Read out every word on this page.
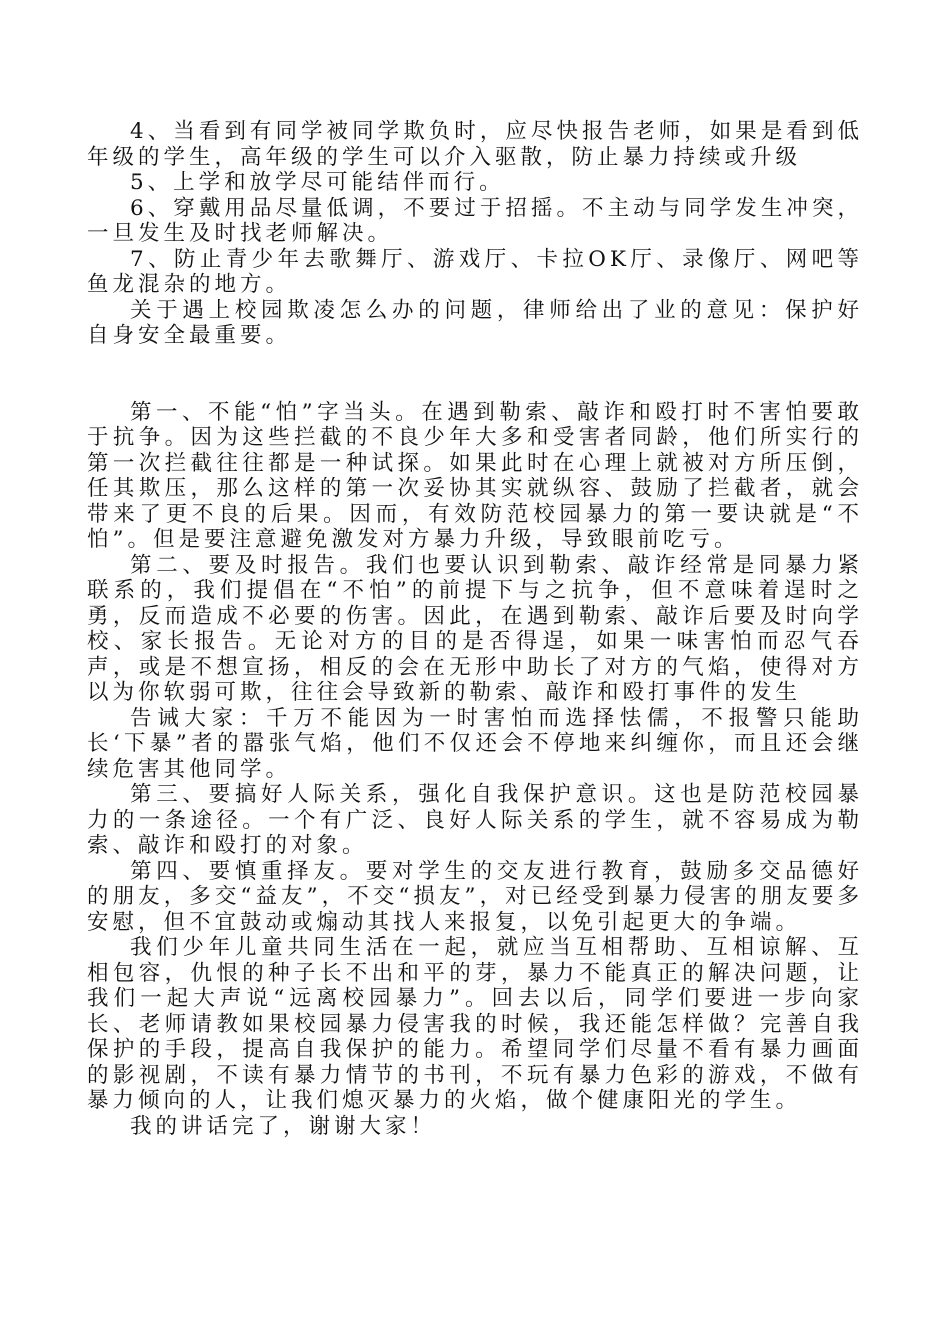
4、当看到有同学被同学欺负时，应尽快报告老师，如果是看到低年级的学生，高年级的学生可以介入驱散，防止暴力持续或升级

5、上学和放学尽可能结伴而行。

6、穿戴用品尽量低调，不要过于招摇。不主动与同学发生冲突，一旦发生及时找老师解决。

7、防止青少年去歌舞厅、游戏厅、卡拉OK厅、录像厅、网吧等鱼龙混杂的地方。

关于遇上校园欺凌怎么办的问题，律师给出了业的意见：保护好自身安全最重要。

第一、不能“怕”字当头。在遇到勒索、敲诈和殴打时不害怕要敢于抗争。因为这些拦截的不良少年大多和受害者同龄，他们所实行的第一次拦截往往都是一种试探。如果此时在心理上就被对方所压倒，任其欺压，那么这样的第一次妥协其实就纵容、鼓励了拦截者，就会带来了更不良的后果。因而，有效防范校园暴力的第一要诀就是“不怕”。但是要注意避免激发对方暴力升级，导致眼前吃亏。

第二、要及时报告。我们也要认识到勒索、敲诈经常是同暴力紧联系的，我们提倡在“不怕”的前提下与之抗争，但不意味着逞时之勇，反而造成不必要的伤害。因此，在遇到勒索、敲诈后要及时向学校、家长报告。无论对方的目的是否得逞，如果一味害怕而忍气吞声，或是不想宣扬，相反的会在无形中助长了对方的气焰，使得对方以为你软弱可欺，往往会导致新的勒索、敲诈和殴打事件的发生

告诫大家：千万不能因为一时害怕而选择怯儒，不报警只能助长‘下暴”者的嚣张气焰，他们不仅还会不停地来纠缠你，而且还会继续危害其他同学。

第三、要搞好人际关系，强化自我保护意识。这也是防范校园暴力的一条途径。一个有广泛、良好人际关系的学生，就不容易成为勒索、敲诈和殴打的对象。

第四、要慎重择友。要对学生的交友进行教育，鼓励多交品德好的朋友，多交“益友”，不交“损友”，对已经受到暴力侵害的朋友要多安慰，但不宜鼓动或煽动其找人来报复，以免引起更大的争端。

我们少年儿童共同生活在一起，就应当互相帮助、互相谅解、互相包容，仇恨的种子长不出和平的芽，暴力不能真正的解决问题，让我们一起大声说“远离校园暴力”。回去以后，同学们要进一步向家长、老师请教如果校园暴力侵害我的时候，我还能怎样做？完善自我保护的手段，提高自我保护的能力。希望同学们尽量不看有暴力画面的影视剧，不读有暴力情节的书刊，不玩有暴力色彩的游戏，不做有暴力倾向的人，让我们熄灭暴力的火焰，做个健康阳光的学生。

我的讲话完了，谢谢大家！
